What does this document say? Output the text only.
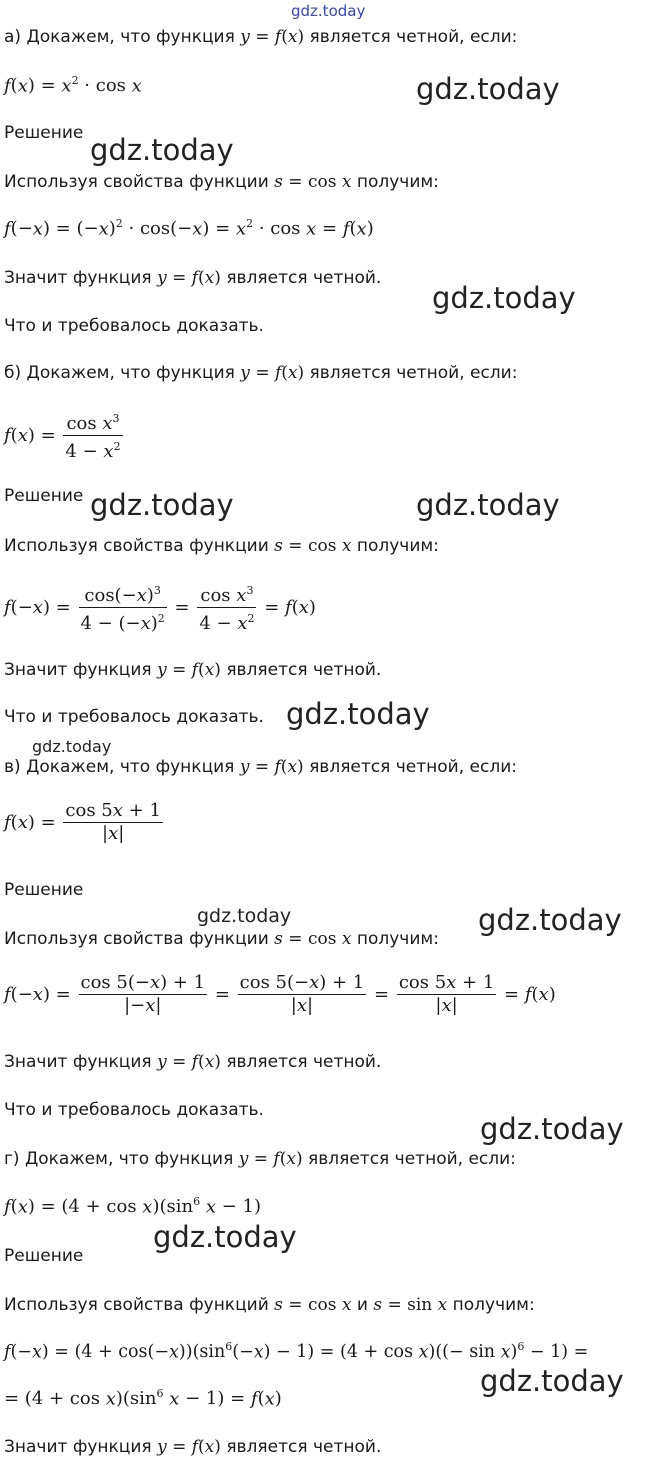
gdz.today
а) Докажем, что функция y = f(x) является четной, если:
$f(x) = x^2 \cdot \cos x$	gdz.today
Решение gdz.today
Используя свойства функции s = cos x получим:
$f(-x) = (-x)^2 \cdot \cos(-x) = x^2 \cdot \cos x = f(x)$
Значит функция y = f(x) является четной.
gdz.today
Что и требовалось доказать.
б) Докажем, что функция y = f(x) является четной, если:
$f(x) = \frac{\cos x^3}{4 - x^2}$
Решение gdz.today	gdz.today
Используя свойства функции s = cos x получим:
$f(-x) = \frac{\cos(-x)^3}{4 - (-x)^2} = \frac{\cos x^3}{4 - x^2} = f(x)$
Значит функция y = f(x) является четной.
Что и требовалось доказать. gdz.today
gdz.today
в) Докажем, что функция y = f(x) является четной, если:
$f(x) = \frac{\cos 5x + 1}{|x|}$
Решение
gdz.today	gdz.today
Используя свойства функции s = cos x получим:
$f(-x) = \frac{\cos 5(-x) + 1}{|-x|} = \frac{\cos 5(-x) + 1}{|x|} = \frac{\cos 5x + 1}{|x|} = f(x)$
Значит функция y = f(x) является четной.
Что и требовалось доказать.
gdz.today
г) Докажем, что функция y = f(x) является четной, если:
$f(x) = (4 + \cos x)(\sin^6$ x − 1)
gdz.today
Решение
Используя свойства функций s = cos x и s = sin x получим:
$f(-x) = (4 + \cos(-x))(\sin^6(-x) - 1) = (4 + \cos x)((- \sin x)^6 - 1)$ =
= $(4 + \cos x)(\sin^6$ x − 1) = f(x)
gdz.today
Значит функция y = f(x) является четной.
